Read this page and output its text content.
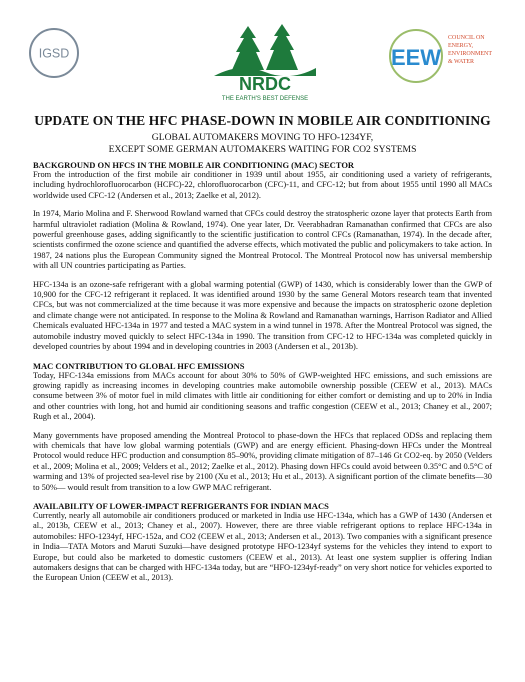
IGSD
NRDC
THE EARTH'S BEST DEFENSE
EEW
COUNCIL ON
ENERGY,
ENVIRONMENT
& WATER
UPDATE ON THE HFC PHASE-DOWN IN MOBILE AIR CONDITIONING

GLOBAL AUTOMAKERS MOVING TO HFO-1234YF,

EXCEPT SOME GERMAN AUTOMAKERS WAITING FOR CO2 SYSTEMS

BACKGROUND ON HFCS IN THE MOBILE AIR CONDITIONING (MAC) SECTOR

From the introduction of the first mobile air conditioner in 1939 until about 1955, air conditioning used a variety of refrigerants, including hydrochlorofluorocarbon (HCFC)-22, chlorofluorocarbon (CFC)-11, and CFC-12; but from about 1955 until 1990 all MACs worldwide used CFC-12 (Andersen et al., 2013; Zaelke et al, 2012).

In 1974, Mario Molina and F. Sherwood Rowland warned that CFCs could destroy the stratospheric ozone layer that protects Earth from harmful ultraviolet radiation (Molina & Rowland, 1974). One year later, Dr. Veerabhadran Ramanathan confirmed that CFCs are also powerful greenhouse gases, adding significantly to the scientific justification to control CFCs (Ramanathan, 1974). In the decade after, scientists confirmed the ozone science and quantified the adverse effects, which motivated the public and policymakers to take action. In 1987, 24 nations plus the European Community signed the Montreal Protocol. The Montreal Protocol now has universal membership with all UN countries participating as Parties.

HFC-134a is an ozone-safe refrigerant with a global warming potential (GWP) of 1430, which is considerably lower than the GWP of 10,900 for the CFC-12 refrigerant it replaced. It was identified around 1930 by the same General Motors research team that invented CFCs, but was not commercialized at the time because it was more expensive and because the impacts on stratospheric ozone depletion and climate change were not anticipated. In response to the Molina & Rowland and Ramanathan warnings, Harrison Radiator and Allied Chemicals evaluated HFC-134a in 1977 and tested a MAC system in a wind tunnel in 1978. After the Montreal Protocol was signed, the automobile industry moved quickly to select HFC-134a in 1990. The transition from CFC-12 to HFC-134a was completed quickly in developed countries by about 1994 and in developing countries in 2003 (Andersen et al., 2013b).

MAC CONTRIBUTION TO GLOBAL HFC EMISSIONS

Today, HFC-134a emissions from MACs account for about 30% to 50% of GWP-weighted HFC emissions, and such emissions are growing rapidly as increasing incomes in developing countries make automobile ownership possible (CEEW et al., 2013). MACs consume between 3% of motor fuel in mild climates with little air conditioning for either comfort or demisting and up to 20% in India and other countries with long, hot and humid air conditioning seasons and traffic congestion (CEEW et al., 2013; Chaney et al., 2007; Rugh et al., 2004).

Many governments have proposed amending the Montreal Protocol to phase-down the HFCs that replaced ODSs and replacing them with chemicals that have low global warming potentials (GWP) and are energy efficient. Phasing-down HFCs under the Montreal Protocol would reduce HFC production and consumption 85–90%, providing climate mitigation of 87–146 Gt CO2-eq. by 2050 (Velders et al., 2009; Molina et al., 2009; Velders et al., 2012; Zaelke et al., 2012). Phasing down HFCs could avoid between 0.35°C and 0.5°C of warming and 13% of projected sea-level rise by 2100 (Xu et al., 2013; Hu et al., 2013). A significant portion of the climate benefits—30 to 50%— would result from transition to a low GWP MAC refrigerant.

AVAILABILITY OF LOWER-IMPACT REFRIGERANTS FOR INDIAN MACS

Currently, nearly all automobile air conditioners produced or marketed in India use HFC-134a, which has a GWP of 1430 (Andersen et al., 2013b, CEEW et al., 2013; Chaney et al., 2007). However, there are three viable refrigerant options to replace HFC-134a in automobiles: HFO-1234yf, HFC-152a, and CO2 (CEEW et al., 2013; Andersen et al., 2013). Two companies with a significant presence in India—TATA Motors and Maruti Suzuki—have designed prototype HFO-1234yf systems for the vehicles they intend to export to Europe, but could also be marketed to domestic customers (CEEW et al., 2013). At least one system supplier is offering Indian automakers designs that can be charged with HFC-134a today, but are “HFO-1234yf-ready” on very short notice for vehicles exported to the European Union (CEEW et al., 2013).
